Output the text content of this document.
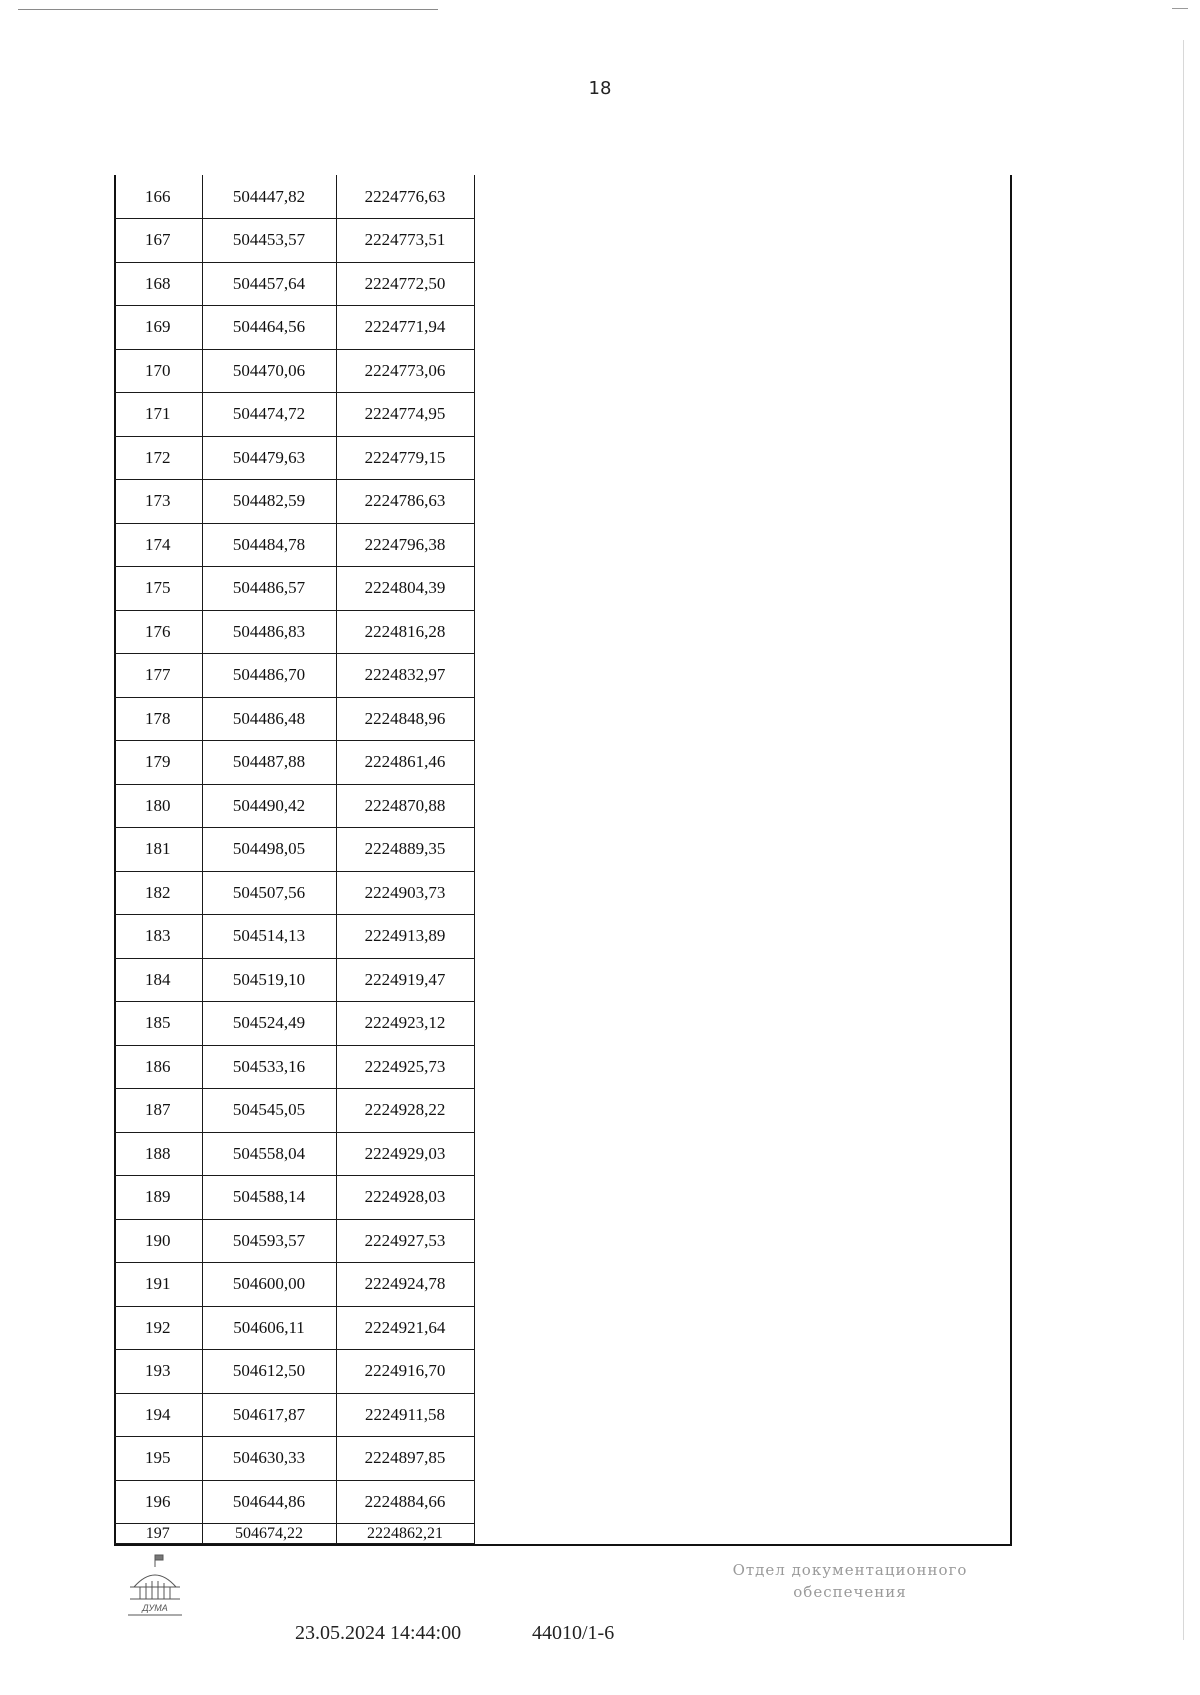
18
166	504447,82	2224776,63
167	504453,57	2224773,51
168	504457,64	2224772,50
169	504464,56	2224771,94
170	504470,06	2224773,06
171	504474,72	2224774,95
172	504479,63	2224779,15
173	504482,59	2224786,63
174	504484,78	2224796,38
175	504486,57	2224804,39
176	504486,83	2224816,28
177	504486,70	2224832,97
178	504486,48	2224848,96
179	504487,88	2224861,46
180	504490,42	2224870,88
181	504498,05	2224889,35
182	504507,56	2224903,73
183	504514,13	2224913,89
184	504519,10	2224919,47
185	504524,49	2224923,12
186	504533,16	2224925,73
187	504545,05	2224928,22
188	504558,04	2224929,03
189	504588,14	2224928,03
190	504593,57	2224927,53
191	504600,00	2224924,78
192	504606,11	2224921,64
193	504612,50	2224916,70
194	504617,87	2224911,58
195	504630,33	2224897,85
196	504644,86	2224884,66
197	504674,22	2224862,21
ДУМА
23.05.2024 14:44:00	44010/1-6
Отдел документационного
обеспечения
